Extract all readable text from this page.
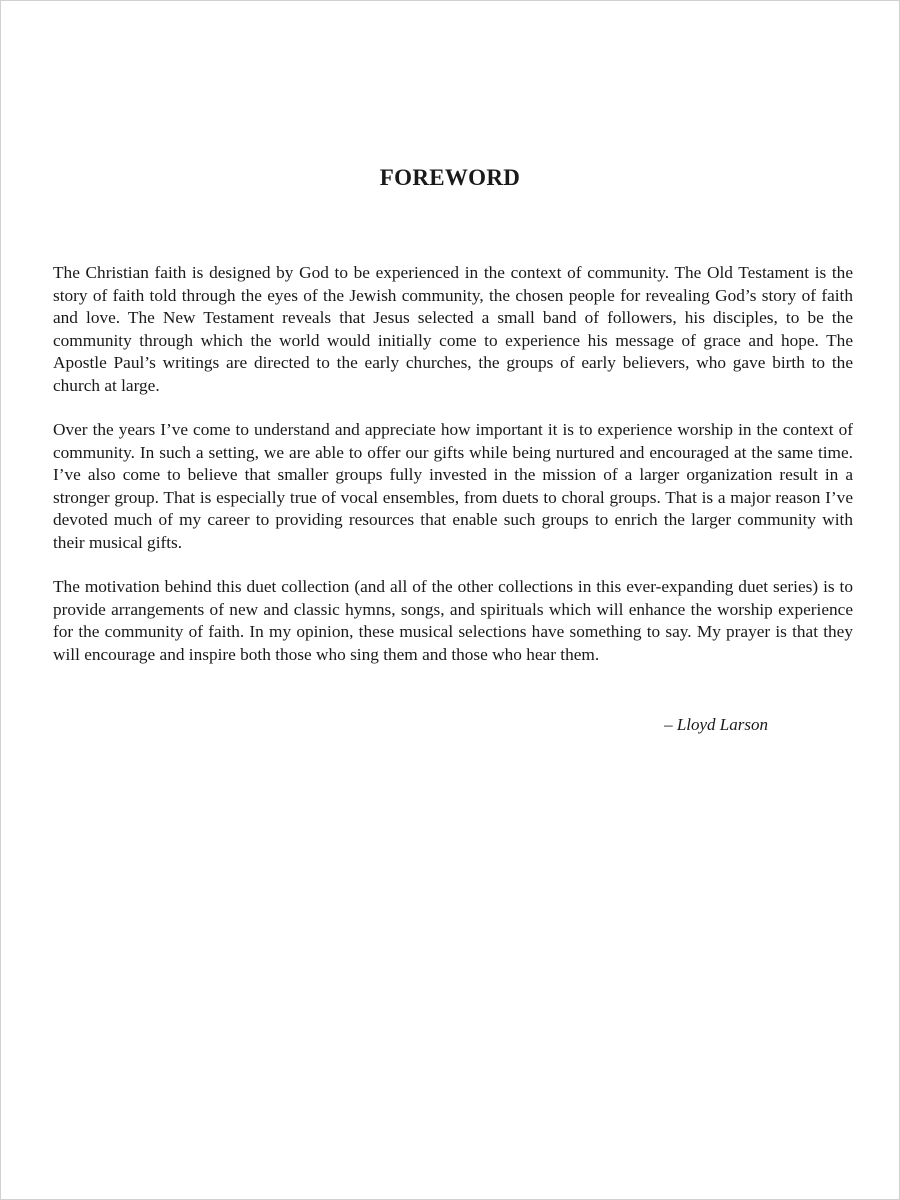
FOREWORD

The Christian faith is designed by God to be experienced in the context of community. The Old Testament is the story of faith told through the eyes of the Jewish community, the chosen people for revealing God’s story of faith and love. The New Testament reveals that Jesus selected a small band of followers, his disciples, to be the community through which the world would initially come to experience his message of grace and hope. The Apostle Paul’s writings are directed to the early churches, the groups of early believers, who gave birth to the church at large.

Over the years I’ve come to understand and appreciate how important it is to experience worship in the context of community. In such a setting, we are able to offer our gifts while being nurtured and encouraged at the same time. I’ve also come to believe that smaller groups fully invested in the mission of a larger organization result in a stronger group. That is especially true of vocal ensembles, from duets to choral groups. That is a major reason I’ve devoted much of my career to providing resources that enable such groups to enrich the larger community with their musical gifts.

The motivation behind this duet collection (and all of the other collections in this ever-expanding duet series) is to provide arrangements of new and classic hymns, songs, and spirituals which will enhance the worship experience for the community of faith. In my opinion, these musical selections have something to say. My prayer is that they will encourage and inspire both those who sing them and those who hear them.

– Lloyd Larson
